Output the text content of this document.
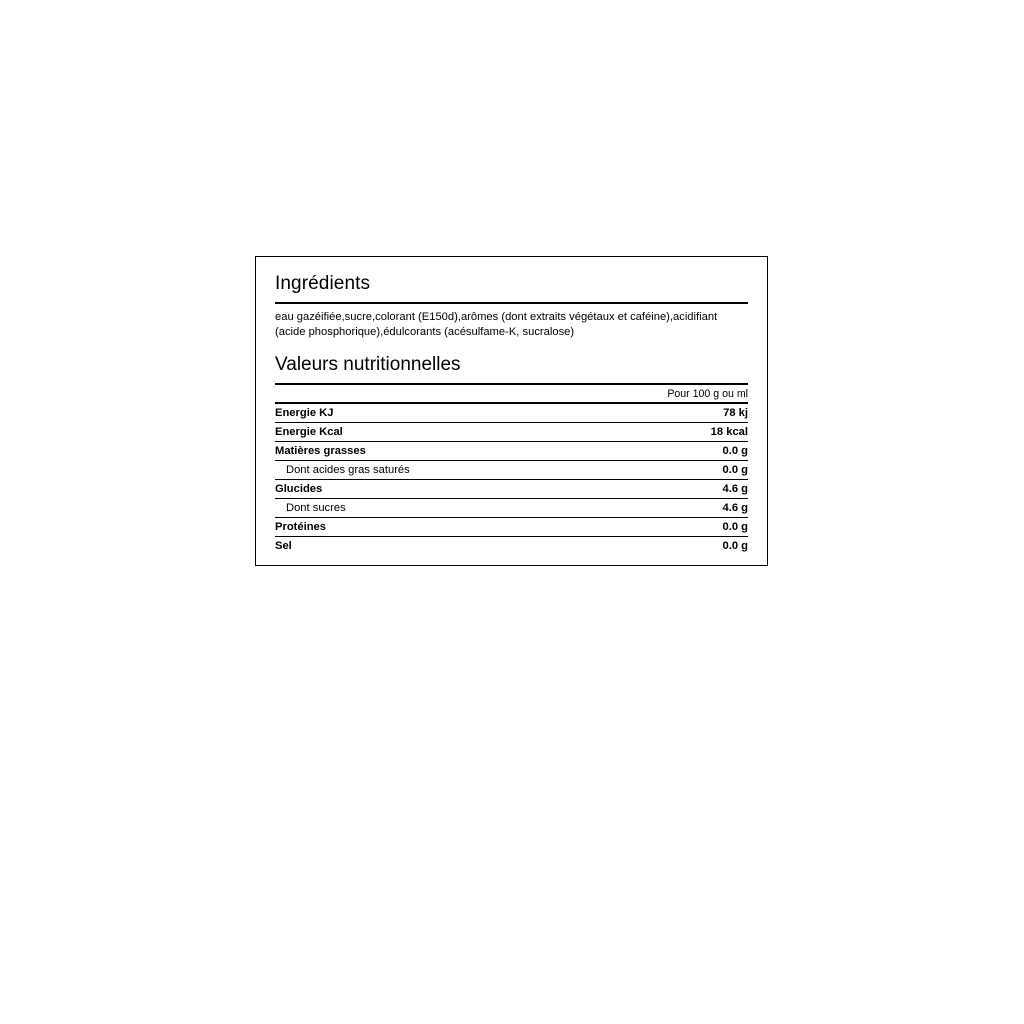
Ingrédients

eau gazéifiée,sucre,colorant (E150d),arômes (dont extraits végétaux et caféine),acidifiant (acide phosphorique),édulcorants (acésulfame-K, sucralose)

Valeurs nutritionnelles
	Pour 100 g ou ml
Energie KJ	78 kj
Energie Kcal	18 kcal
Matières grasses	0.0 g
Dont acides gras saturés	0.0 g
Glucides	4.6 g
Dont sucres	4.6 g
Protéines	0.0 g
Sel	0.0 g
